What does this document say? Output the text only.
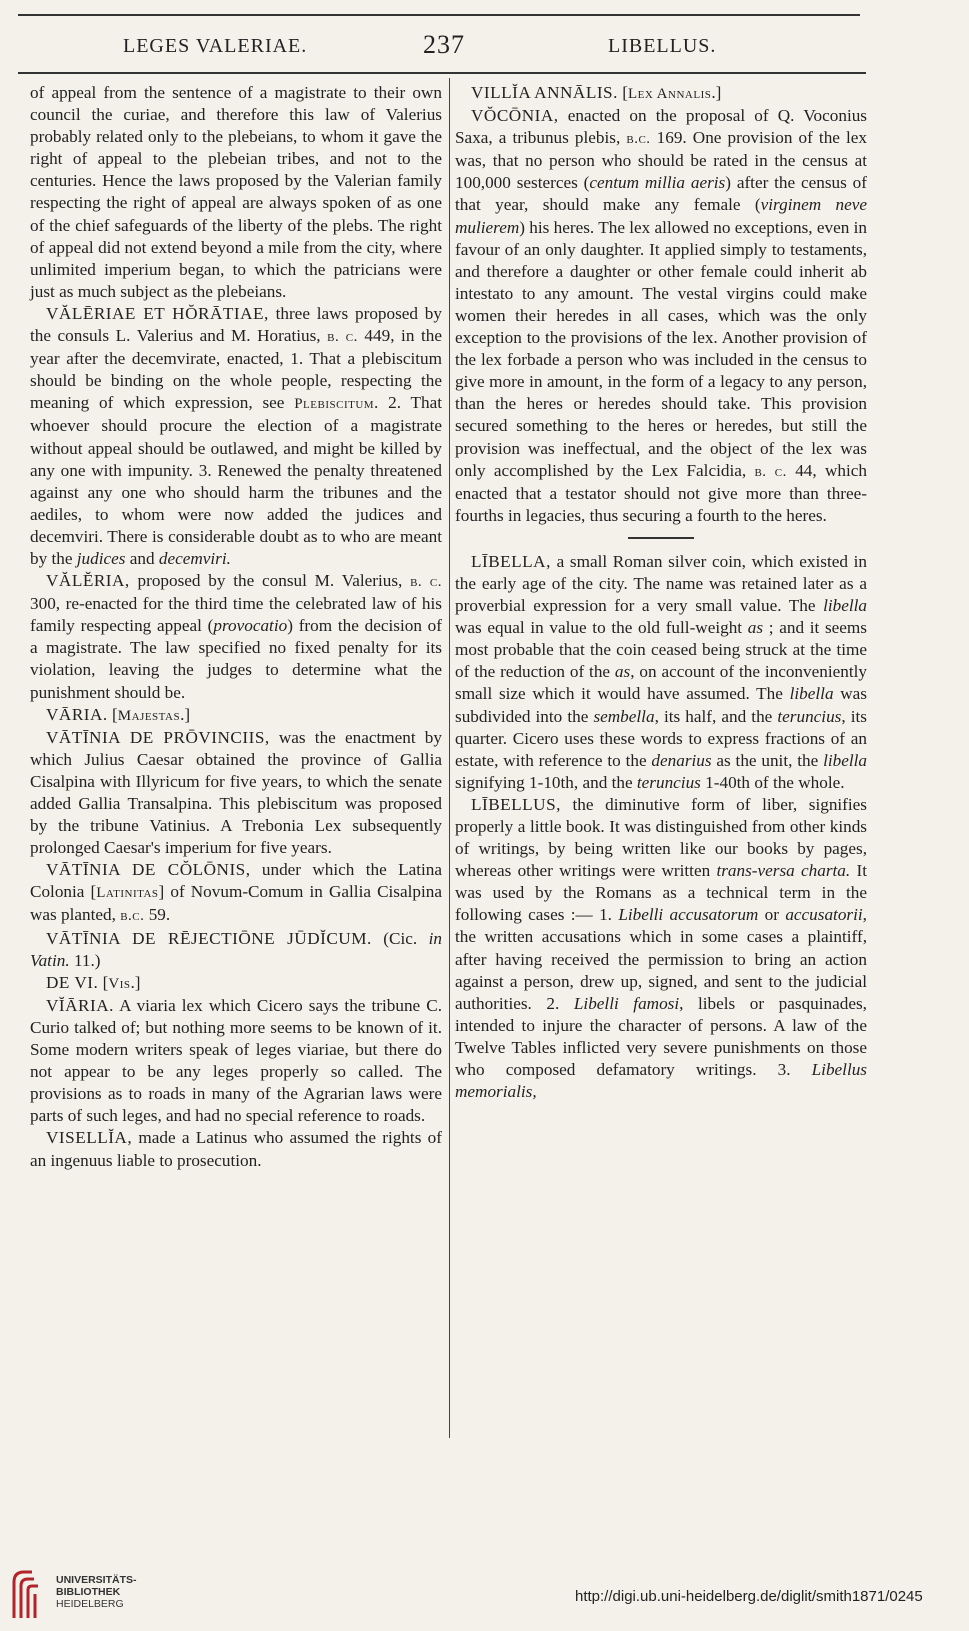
LEGES VALERIAE.	237	LIBELLUS.

of appeal from the sentence of a magistrate to their own council the curiae, and therefore this law of Valerius probably related only to the plebeians, to whom it gave the right of appeal to the plebeian tribes, and not to the centuries. Hence the laws proposed by the Valerian family respecting the right of appeal are always spoken of as one of the chief safeguards of the liberty of the plebs. The right of appeal did not extend beyond a mile from the city, where unlimited imperium began, to which the patricians were just as much subject as the plebeians.

VĂLĒRIAE ET HŎRĀTIAE, three laws proposed by the consuls L. Valerius and M. Horatius, b. c. 449, in the year after the decemvirate, enacted, 1. That a plebiscitum should be binding on the whole people, respecting the meaning of which expression, see Plebiscitum. 2. That whoever should procure the election of a magistrate without appeal should be outlawed, and might be killed by any one with impunity. 3. Renewed the penalty threatened against any one who should harm the tribunes and the aediles, to whom were now added the judices and decemviri. There is considerable doubt as to who are meant by the judices and decemviri.

VĂLĔRIA, proposed by the consul M. Valerius, b. c. 300, re-enacted for the third time the celebrated law of his family respecting appeal (provocatio) from the decision of a magistrate. The law specified no fixed penalty for its violation, leaving the judges to determine what the punishment should be.

VĀRIA. [Majestas.]

VĀTĪNIA DE PRŌVINCIIS, was the enactment by which Julius Caesar obtained the province of Gallia Cisalpina with Illyricum for five years, to which the senate added Gallia Transalpina. This plebiscitum was proposed by the tribune Vatinius. A Trebonia Lex subsequently prolonged Caesar's imperium for five years.

VĀTĪNIA DE CŎLŌNIS, under which the Latina Colonia [Latinitas] of Novum-Comum in Gallia Cisalpina was planted, b.c. 59.

VĀTĪNIA DE RĒJECTIŌNE JŪDĬCUM. (Cic. in Vatin. 11.)

DE VI. [Vis.]

VĬĀRIA. A viaria lex which Cicero says the tribune C. Curio talked of; but nothing more seems to be known of it. Some modern writers speak of leges viariae, but there do not appear to be any leges properly so called. The provisions as to roads in many of the Agrarian laws were parts of such leges, and had no special reference to roads.

VISELLĬA, made a Latinus who assumed the rights of an ingenuus liable to prosecution.

VILLĬA ANNĀLIS. [Lex Annalis.]

VŎCŌNIA, enacted on the proposal of Q. Voconius Saxa, a tribunus plebis, b.c. 169. One provision of the lex was, that no person who should be rated in the census at 100,000 sesterces (centum millia aeris) after the census of that year, should make any female (virginem neve mulierem) his heres. The lex allowed no exceptions, even in favour of an only daughter. It applied simply to testaments, and therefore a daughter or other female could inherit ab intestato to any amount. The vestal virgins could make women their heredes in all cases, which was the only exception to the provisions of the lex. Another provision of the lex forbade a person who was included in the census to give more in amount, in the form of a legacy to any person, than the heres or heredes should take. This provision secured something to the heres or heredes, but still the provision was ineffectual, and the object of the lex was only accomplished by the Lex Falcidia, b. c. 44, which enacted that a testator should not give more than three-fourths in legacies, thus securing a fourth to the heres.

LĪBELLA, a small Roman silver coin, which existed in the early age of the city. The name was retained later as a proverbial expression for a very small value. The libella was equal in value to the old full-weight as ; and it seems most probable that the coin ceased being struck at the time of the reduction of the as, on account of the inconveniently small size which it would have assumed. The libella was subdivided into the sembella, its half, and the teruncius, its quarter. Cicero uses these words to express fractions of an estate, with reference to the denarius as the unit, the libella signifying 1-10th, and the teruncius 1-40th of the whole.

LĪBELLUS, the diminutive form of liber, signifies properly a little book. It was distinguished from other kinds of writings, by being written like our books by pages, whereas other writings were written trans-versa charta. It was used by the Romans as a technical term in the following cases :— 1. Libelli accusatorum or accusatorii, the written accusations which in some cases a plaintiff, after having received the permission to bring an action against a person, drew up, signed, and sent to the judicial authorities. 2. Libelli famosi, libels or pasquinades, intended to injure the character of persons. A law of the Twelve Tables inflicted very severe punishments on those who composed defamatory writings. 3. Libellus memorialis,

UNIVERSITÄTS-
BIBLIOTHEK
HEIDELBERG	http://digi.ub.uni-heidelberg.de/diglit/smith1871/0245
